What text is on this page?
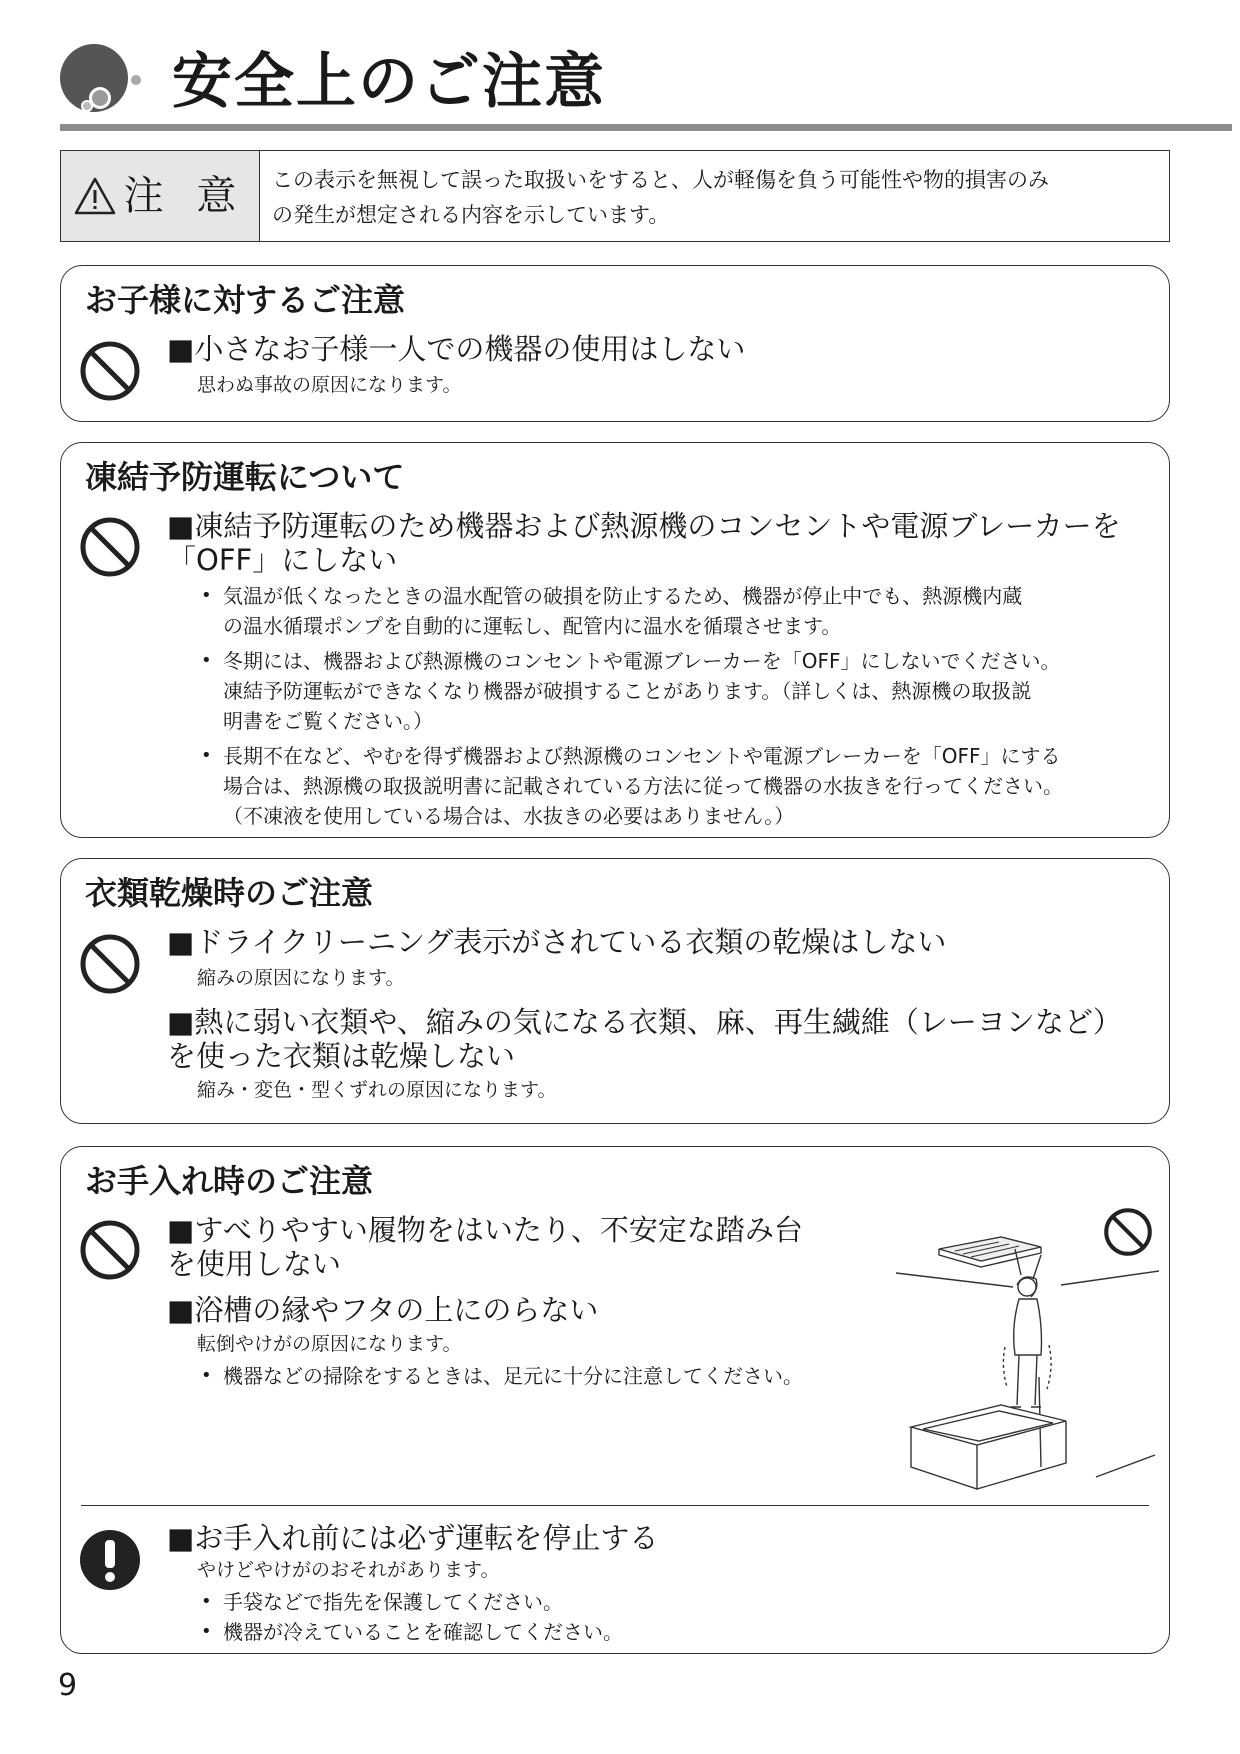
安全上のご注意
注 意 この表示を無視して誤った取扱いをすると、人が軽傷を負う可能性や物的損害のみ
の発生が想定される内容を示しています。
お子様に対するご注意
■小さなお子様一人での機器の使用はしない

思わぬ事故の原因になります。

凍結予防運転について
■凍結予防運転のため機器および熱源機のコンセントや電源ブレーカーを
「OFF」にしない
• 気温が低くなったときの温水配管の破損を防止するため、機器が停止中でも、熱源機内蔵
の温水循環ポンプを自動的に運転し、配管内に温水を循環させます。
• 冬期には、機器および熱源機のコンセントや電源ブレーカーを「OFF」にしないでください。
凍結予防運転ができなくなり機器が破損することがあります。（詳しくは、熱源機の取扱説
明書をご覧ください。）
• 長期不在など、やむを得ず機器および熱源機のコンセントや電源ブレーカーを「OFF」にする
場合は、熱源機の取扱説明書に記載されている方法に従って機器の水抜きを行ってください。
（不凍液を使用している場合は、水抜きの必要はありません。）
衣類乾燥時のご注意
■ドライクリーニング表示がされている衣類の乾燥はしない

縮みの原因になります。

■熱に弱い衣類や、縮みの気になる衣類、麻、再生繊維（レーヨンなど）
を使った衣類は乾燥しない

縮み・変色・型くずれの原因になります。

お手入れ時のご注意
■すべりやすい履物をはいたり、不安定な踏み台
を使用しない
■浴槽の縁やフタの上にのらない

転倒やけがの原因になります。

• 機器などの掃除をするときは、足元に十分に注意してください。
■お手入れ前には必ず運転を停止する

やけどやけがのおそれがあります。

• 手袋などで指先を保護してください。
• 機器が冷えていることを確認してください。
9
